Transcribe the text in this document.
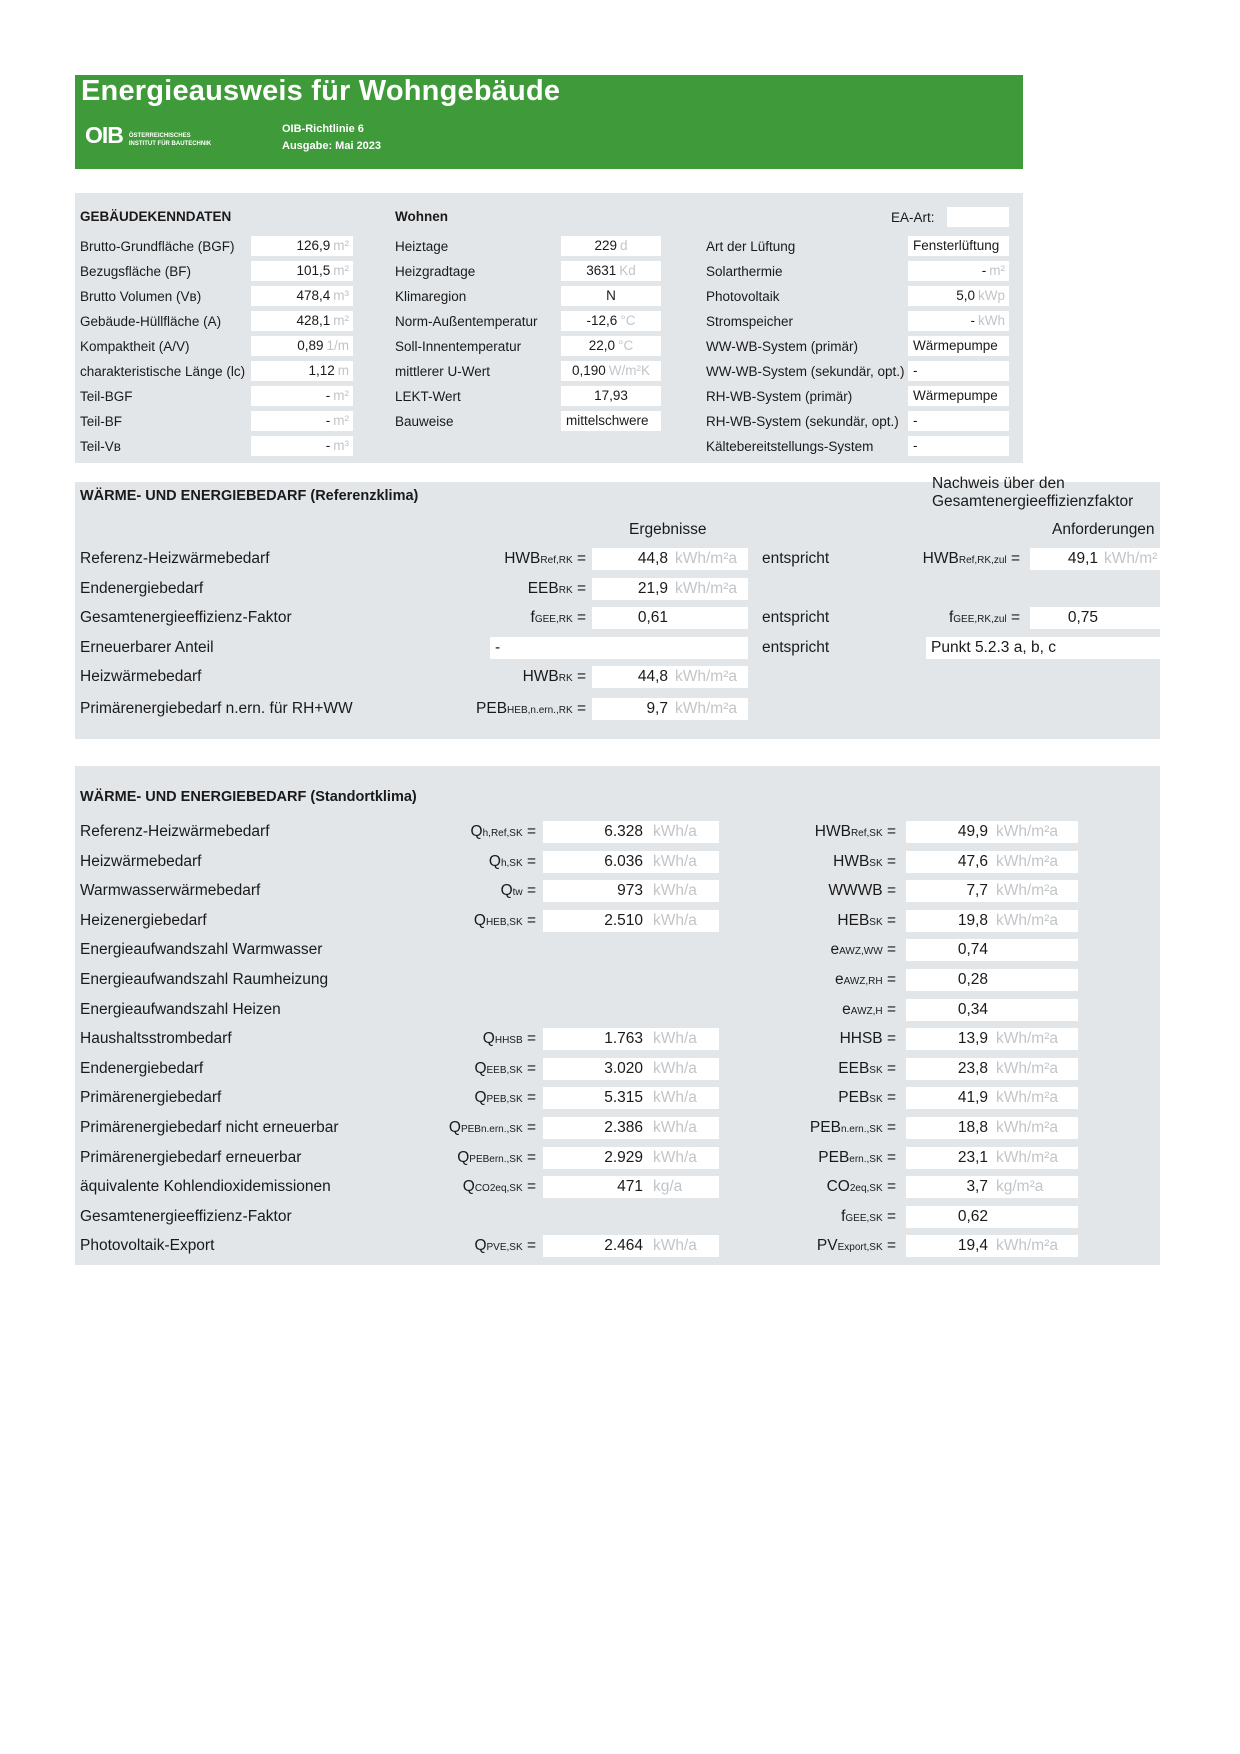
Energieausweis für Wohngebäude
OIB ÖSTERREICHISCHES
INSTITUT FÜR BAUTECHNIK
OIB-Richtlinie 6
Ausgabe: Mai 2023
GEBÄUDEKENNDATEN	Wohnen	EA-Art:
Brutto-Grundfläche (BGF)	126,9 m²
Bezugsfläche (BF)	101,5 m²
Brutto Volumen (Vʙ)	478,4 m³
Gebäude-Hüllfläche (A)	428,1 m²
Kompaktheit (A/V)	0,89 1/m
charakteristische Länge (lc)	1,12 m
Teil-BGF	- m²
Teil-BF	- m²
Teil-Vʙ	- m³
Heiztage	229 d
Heizgradtage	3631 Kd
Klimaregion	N
Norm-Außentemperatur	-12,6 °C
Soll-Innentemperatur	22,0 °C
mittlerer U-Wert	0,190 W/m²K
LEKT-Wert	17,93
Bauweise	mittelschwere
Art der Lüftung	Fensterlüftung
Solarthermie	- m²
Photovoltaik	5,0 kWp
Stromspeicher	- kWh
WW-WB-System (primär)	Wärmepumpe
WW-WB-System (sekundär, opt.) -
RH-WB-System (primär)	Wärmepumpe
RH-WB-System (sekundär, opt.)	-
Kältebereitstellungs-System	-
WÄRME- UND ENERGIEBEDARF (Referenzklima)
Nachweis über den
Gesamtenergieeffizienzfaktor
Ergebnisse	Anforderungen
Referenz-Heizwärmebedarf	HWBRef,RK =	44,8 kWh/m²a	entspricht	HWBRef,RK,zul =	49,1 kWh/m²
Endenergiebedarf	EEBRK =	21,9 kWh/m²a
Gesamtenergieeffizienz-Faktor	fGEE,RK =	0,61	entspricht	fGEE,RK,zul =	0,75
Erneuerbarer Anteil	-	entspricht	Punkt 5.2.3 a, b, c
Heizwärmebedarf	HWBRK =	44,8 kWh/m²a
Primärenergiebedarf n.ern. für RH+WW	PEBHEB,n.ern.,RK =	9,7 kWh/m²a
WÄRME- UND ENERGIEBEDARF (Standortklima)
Referenz-Heizwärmebedarf	Qh,Ref,SK =	6.328 kWh/a	HWBRef,SK =	49,9 kWh/m²a
Heizwärmebedarf	Qh,SK =	6.036 kWh/a	HWBSK =	47,6 kWh/m²a
Warmwasserwärmebedarf	Qtw =	973 kWh/a	WWWB =	7,7 kWh/m²a
Heizenergiebedarf	QHEB,SK =	2.510 kWh/a	HEBSK =	19,8 kWh/m²a
Energieaufwandszahl Warmwasser	eAWZ,WW =	0,74
Energieaufwandszahl Raumheizung	eAWZ,RH =	0,28
Energieaufwandszahl Heizen	eAWZ,H =	0,34
Haushaltsstrombedarf	QHHSB =	1.763 kWh/a	HHSB =	13,9 kWh/m²a
Endenergiebedarf	QEEB,SK =	3.020 kWh/a	EEBSK =	23,8 kWh/m²a
Primärenergiebedarf	QPEB,SK =	5.315 kWh/a	PEBSK =	41,9 kWh/m²a
Primärenergiebedarf nicht erneuerbar	QPEBn.ern.,SK =	2.386 kWh/a	PEBn.ern.,SK =	18,8 kWh/m²a
Primärenergiebedarf erneuerbar	QPEBern.,SK =	2.929 kWh/a	PEBern.,SK =	23,1 kWh/m²a
äquivalente Kohlendioxidemissionen	QCO2eq,SK =	471 kg/a	CO2eq,SK =	3,7 kg/m²a
Gesamtenergieeffizienz-Faktor	fGEE,SK =	0,62
Photovoltaik-Export	QPVE,SK =	2.464 kWh/a	PVExport,SK =	19,4 kWh/m²a
